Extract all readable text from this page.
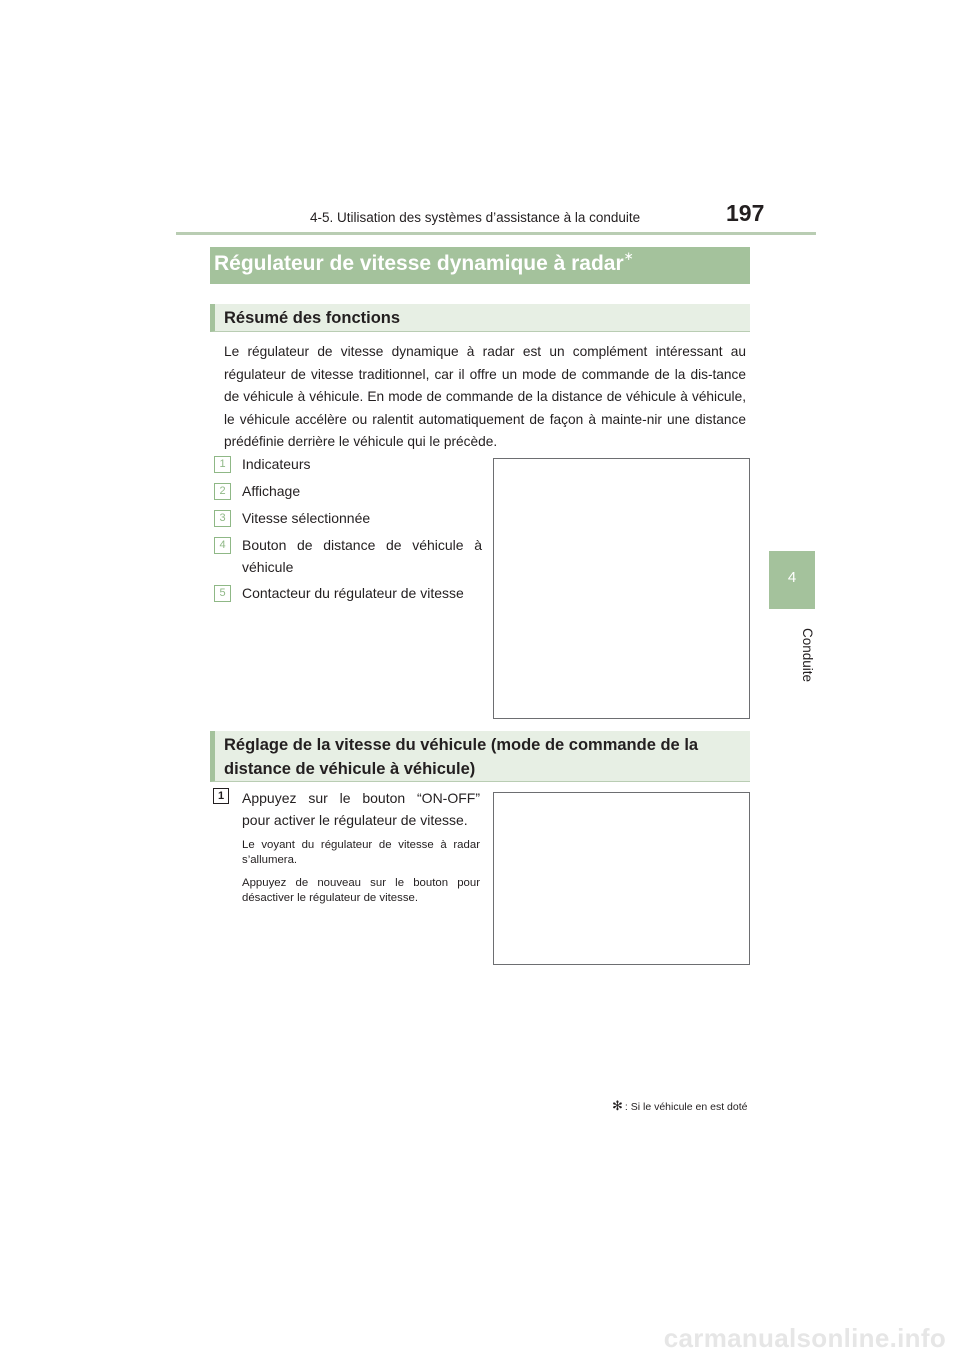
4-5. Utilisation des systèmes d’assistance à la conduite	197
4
Conduite
Régulateur de vitesse dynamique à radar∗
Résumé des fonctions
Le régulateur de vitesse dynamique à radar est un complément intéressant au régulateur de vitesse traditionnel, car il offre un mode de commande de la dis-tance de véhicule à véhicule. En mode de commande de la distance de véhicule à véhicule, le véhicule accélère ou ralentit automatiquement de façon à mainte-nir une distance prédéfinie derrière le véhicule qui le précède.
1	Indicateurs
2	Affichage
3	Vitesse sélectionnée
4	Bouton de distance de véhicule à véhicule
5	Contacteur du régulateur de vitesse
Réglage de la vitesse du véhicule (mode de commande de la distance de véhicule à véhicule)
1	Appuyez sur le bouton “ON-OFF” pour activer le régulateur de vitesse.
Le voyant du régulateur de vitesse à radar s’allumera.
Appuyez de nouveau sur le bouton pour désactiver le régulateur de vitesse.
✻ : Si le véhicule en est doté
carmanualsonline.info
